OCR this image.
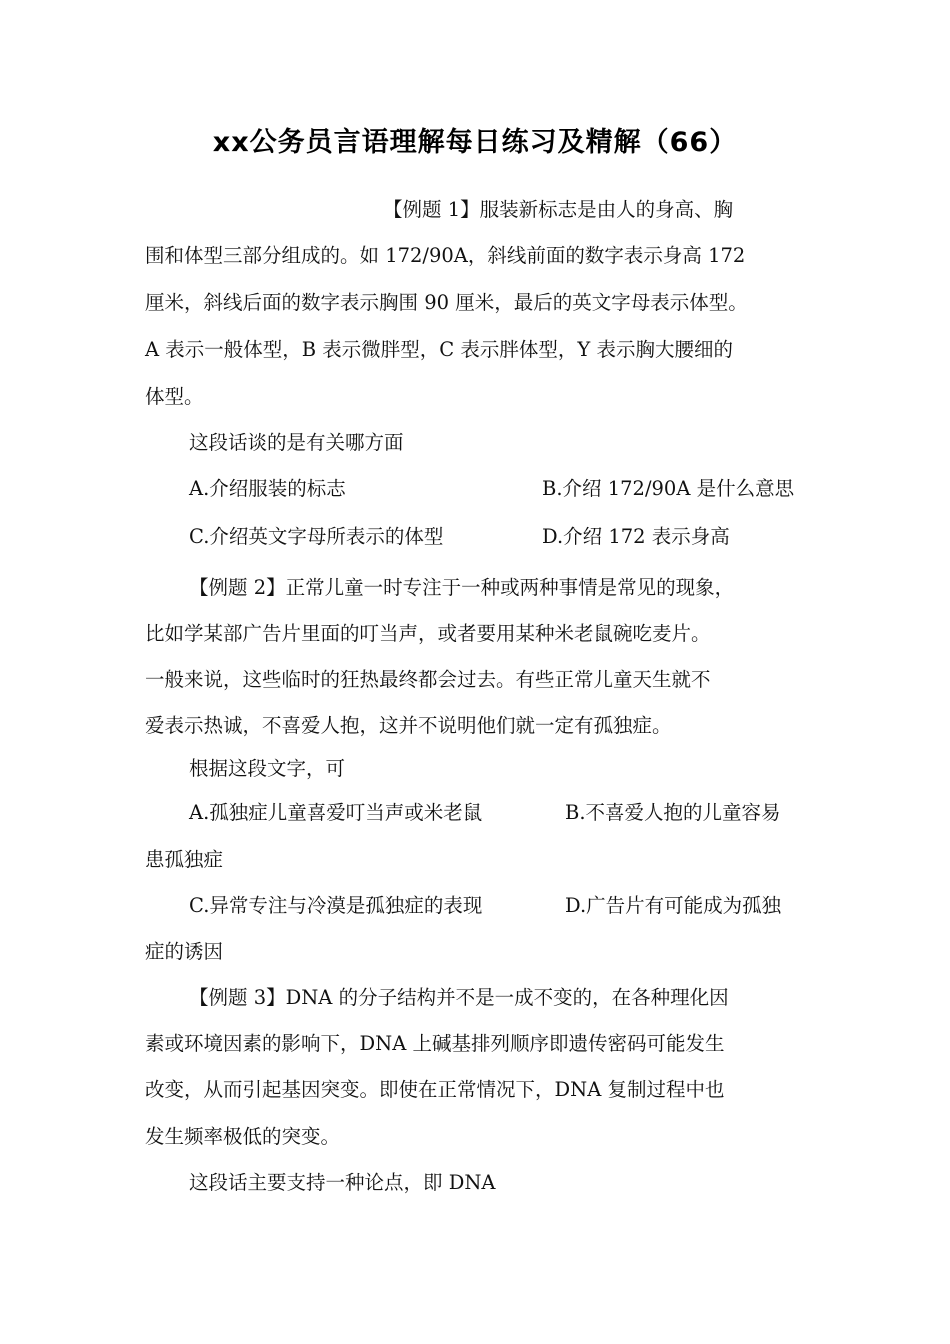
xx公务员言语理解每日练习及精解（66）

【例题 1】服装新标志是由人的身高、胸

围和体型三部分组成的。如 172/90A，斜线前面的数字表示身高 172

厘米，斜线后面的数字表示胸围 90 厘米，最后的英文字母表示体型。

A 表示一般体型，B 表示微胖型，C 表示胖体型，Y 表示胸大腰细的

体型。

这段话谈的是有关哪方面

A.介绍服装的标志	B.介绍 172/90A 是什么意思

C.介绍英文字母所表示的体型	D.介绍 172 表示身高

【例题 2】正常儿童一时专注于一种或两种事情是常见的现象，

比如学某部广告片里面的叮当声，或者要用某种米老鼠碗吃麦片。

一般来说，这些临时的狂热最终都会过去。有些正常儿童天生就不

爱表示热诚，不喜爱人抱，这并不说明他们就一定有孤独症。

根据这段文字，可

A.孤独症儿童喜爱叮当声或米老鼠	B.不喜爱人抱的儿童容易

患孤独症

C.异常专注与冷漠是孤独症的表现	D.广告片有可能成为孤独

症的诱因

【例题 3】DNA 的分子结构并不是一成不变的，在各种理化因

素或环境因素的影响下，DNA 上碱基排列顺序即遗传密码可能发生

改变，从而引起基因突变。即使在正常情况下，DNA 复制过程中也

发生频率极低的突变。

这段话主要支持一种论点，即 DNA
